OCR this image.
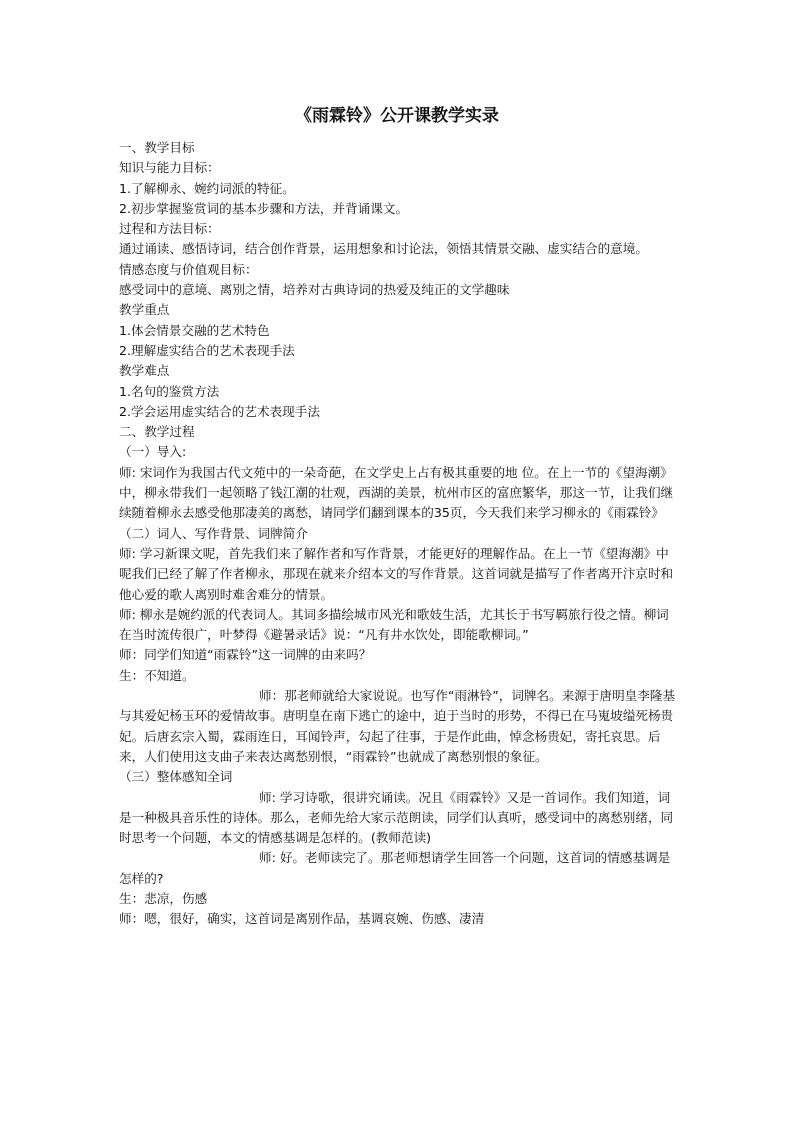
《雨霖铃》公开课教学实录

一、教学目标

知识与能力目标：

1.了解柳永、婉约词派的特征。

2.初步掌握鉴赏词的基本步骤和方法，并背诵课文。

过程和方法目标：

通过诵读、感悟诗词，结合创作背景，运用想象和讨论法，领悟其情景交融、虚实结合的意境。

情感态度与价值观目标：

感受词中的意境、离别之情，培养对古典诗词的热爱及纯正的文学趣味

教学重点

1.体会情景交融的艺术特色

2.理解虚实结合的艺术表现手法

教学难点

1.名句的鉴赏方法

2.学会运用虚实结合的艺术表现手法

二、教学过程

（一）导入:

师: 宋词作为我国古代文苑中的一朵奇葩，在文学史上占有极其重要的地 位。在上一节的《望海潮》中，柳永带我们一起领略了钱江潮的壮观，西湖的美景，杭州市区的富庶繁华，那这一节，让我们继续随着柳永去感受他那凄美的离愁，请同学们翻到课本的35页，今天我们来学习柳永的《雨霖铃》

（二）词人、写作背景、词牌简介

师: 学习新课文呢，首先我们来了解作者和写作背景，才能更好的理解作品。在上一节《望海潮》中呢我们已经了解了作者柳永，那现在就来介绍本文的写作背景。这首词就是描写了作者离开汴京时和他心爱的歌人离别时难舍难分的情景。

师: 柳永是婉约派的代表词人。其词多描绘城市风光和歌妓生活，尤其长于书写羁旅行役之情。柳词在当时流传很广，叶梦得《避暑录话》说：“凡有井水饮处，即能歌柳词。”

师：同学们知道“雨霖铃”这一词牌的由来吗？

生：不知道。

师：那老师就给大家说说。也写作“雨淋铃”，词牌名。来源于唐明皇李隆基与其爱妃杨玉环的爱情故事。唐明皇在南下逃亡的途中，迫于当时的形势，不得已在马嵬坡缢死杨贵妃。后唐玄宗入蜀，霖雨连日，耳闻铃声，勾起了往事，于是作此曲，悼念杨贵妃，寄托哀思。后来，人们使用这支曲子来表达离愁别恨，“雨霖铃”也就成了离愁别恨的象征。

（三）整体感知全词

师: 学习诗歌，很讲究诵读。况且《雨霖铃》又是一首词作。我们知道，词是一种极具音乐性的诗体。那么，老师先给大家示范朗读，同学们认真听，感受词中的离愁别绪，同时思考一个问题，本文的情感基调是怎样的。(教师范读)

师: 好。老师读完了。那老师想请学生回答一个问题，这首词的情感基调是怎样的?

生：悲凉，伤感

师：嗯，很好，确实，这首词是离别作品，基调哀婉、伤感、凄清
